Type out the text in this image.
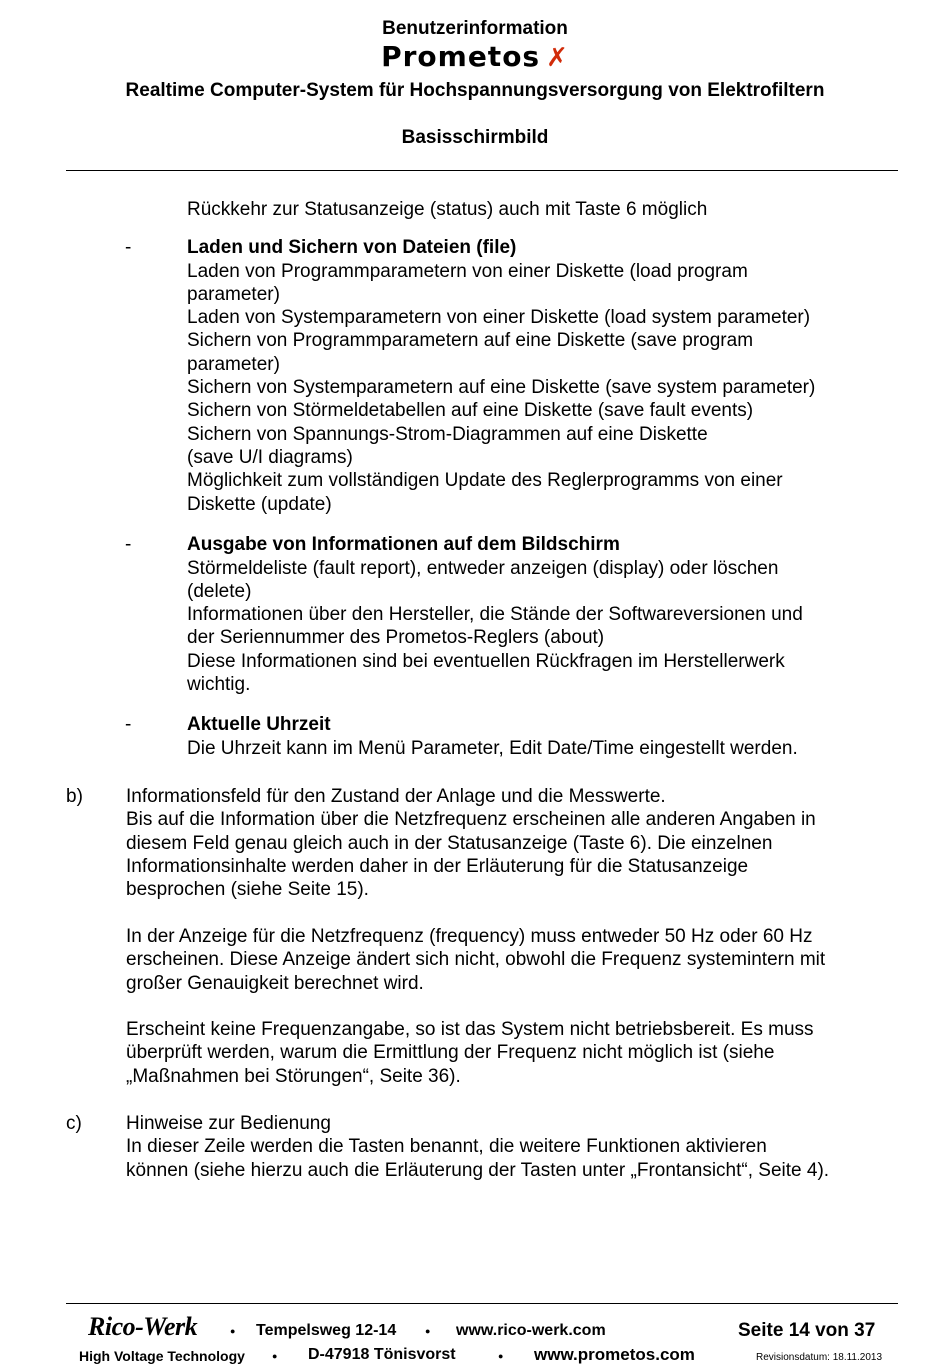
Benutzerinformation
Prometos ✗
Realtime Computer-System für Hochspannungsversorgung von Elektrofiltern
Basisschirmbild
Rückkehr zur Statusanzeige (status) auch mit Taste 6 möglich
-	Laden und Sichern von Dateien (file)
Laden von Programmparametern von einer Diskette (load program
parameter)
Laden von Systemparametern von einer Diskette (load system parameter)
Sichern von Programmparametern auf eine Diskette (save program
parameter)
Sichern von Systemparametern auf eine Diskette (save system parameter)
Sichern von Störmeldetabellen auf eine Diskette (save fault events)
Sichern von Spannungs-Strom-Diagrammen auf eine Diskette
(save U/I diagrams)
Möglichkeit zum vollständigen Update des Reglerprogramms von einer
Diskette (update)
-	Ausgabe von Informationen auf dem Bildschirm
Störmeldeliste (fault report), entweder anzeigen (display) oder löschen
(delete)
Informationen über den Hersteller, die Stände der Softwareversionen und
der Seriennummer des Prometos-Reglers (about)
Diese Informationen sind bei eventuellen Rückfragen im Herstellerwerk
wichtig.
-	Aktuelle Uhrzeit
Die Uhrzeit kann im Menü Parameter, Edit Date/Time eingestellt werden.
b) Informationsfeld für den Zustand der Anlage und die Messwerte.
Bis auf die Information über die Netzfrequenz erscheinen alle anderen Angaben in
diesem Feld genau gleich auch in der Statusanzeige (Taste 6). Die einzelnen
Informationsinhalte werden daher in der Erläuterung für die Statusanzeige
besprochen (siehe Seite 15).
In der Anzeige für die Netzfrequenz (frequency) muss entweder 50 Hz oder 60 Hz
erscheinen. Diese Anzeige ändert sich nicht, obwohl die Frequenz systemintern mit
großer Genauigkeit berechnet wird.
Erscheint keine Frequenzangabe, so ist das System nicht betriebsbereit. Es muss
überprüft werden, warum die Ermittlung der Frequenz nicht möglich ist (siehe
„Maßnahmen bei Störungen“, Seite 36).
c) Hinweise zur Bedienung
In dieser Zeile werden die Tasten benannt, die weitere Funktionen aktivieren
können (siehe hierzu auch die Erläuterung der Tasten unter „Frontansicht“, Seite 4).
Rico-Werk	● Tempelsweg 12-14	● www.rico-werk.com	Seite 14 von 37
High Voltage Technology	● D-47918 Tönisvorst	● www.prometos.com	Revisionsdatum: 18.11.2013
